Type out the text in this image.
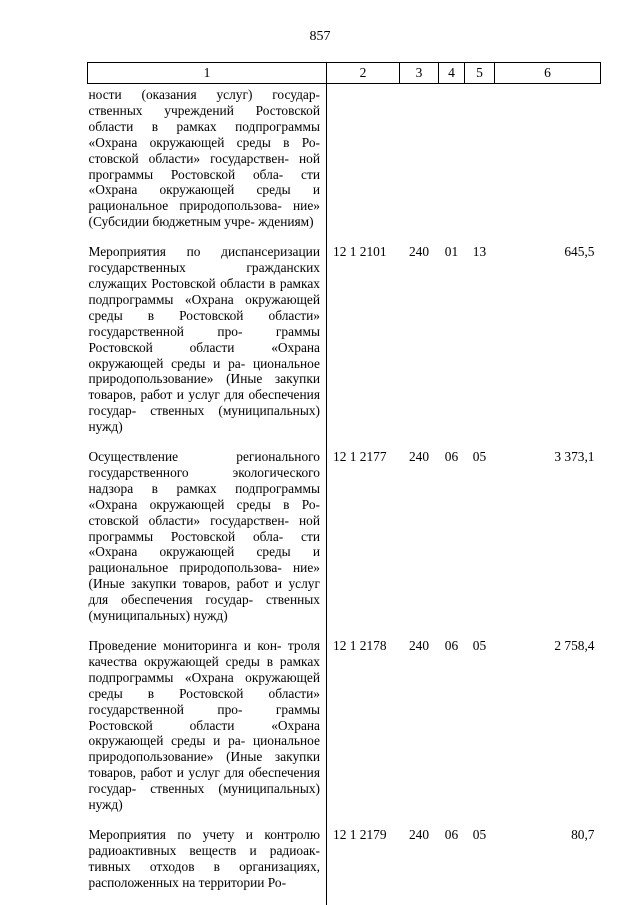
857
1	2	3	4	5	6
ности (оказания услуг) государ- ственных учреждений Ростовской области в рамках подпрограммы «Охрана окружающей среды в Ро- стовской области» государствен- ной программы Ростовской обла- сти «Охрана окружающей среды и рациональное природопользова- ние» (Субсидии бюджетным учре- ждениям)					
Мероприятия по диспансеризации государственных гражданских служащих Ростовской области в рамках подпрограммы «Охрана окружающей среды в Ростовской области» государственной про- граммы Ростовской области «Охрана окружающей среды и ра- циональное природопользование» (Иные закупки товаров, работ и услуг для обеспечения государ- ственных (муниципальных) нужд)	12 1 2101	240	01	13	645,5
Осуществление регионального государственного экологического надзора в рамках подпрограммы «Охрана окружающей среды в Ро- стовской области» государствен- ной программы Ростовской обла- сти «Охрана окружающей среды и рациональное природопользова- ние» (Иные закупки товаров, работ и услуг для обеспечения государ- ственных (муниципальных) нужд)	12 1 2177	240	06	05	3 373,1
Проведение мониторинга и кон- троля качества окружающей среды в рамках подпрограммы «Охрана окружающей среды в Ростовской области» государственной про- граммы Ростовской области «Охрана окружающей среды и ра- циональное природопользование» (Иные закупки товаров, работ и услуг для обеспечения государ- ственных (муниципальных) нужд)	12 1 2178	240	06	05	2 758,4
Мероприятия по учету и контролю радиоактивных веществ и радиоак- тивных отходов в организациях, расположенных на территории Ро-	12 1 2179	240	06	05	80,7
